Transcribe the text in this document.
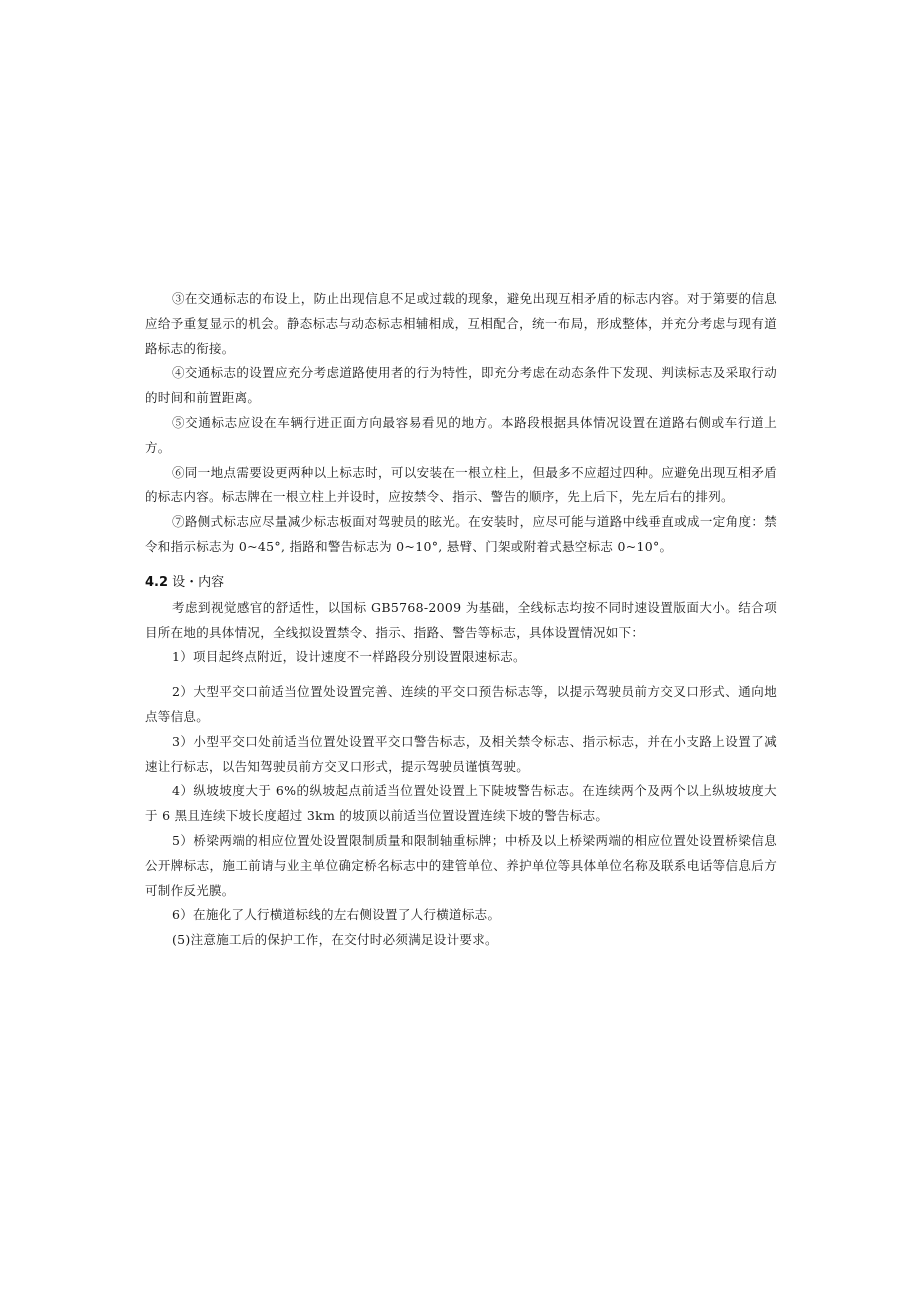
③在交通标志的布设上，防止出现信息不足或过载的现象，避免出现互相矛盾的标志内容。对于第要的信息应给予重复显示的机会。静态标志与动态标志相辅相成，互相配合，统一布局，形成整体，并充分考虑与现有道路标志的衔接。

④交通标志的设置应充分考虑道路使用者的行为特性，即充分考虑在动态条件下发现、判读标志及采取行动的时间和前置距离。

⑤交通标志应设在车辆行进正面方向最容易看见的地方。本路段根据具体情况设置在道路右侧或车行道上方。

⑥同一地点需要设更两种以上标志时，可以安装在一根立柱上，但最多不应超过四种。应避免出现互相矛盾的标志内容。标志牌在一根立柱上并设时，应按禁令、指示、警告的顺序，先上后下，先左后右的排列。

⑦路侧式标志应尽量减少标志板面对驾驶员的眩光。在安装时，应尽可能与道路中线垂直或成一定角度：禁令和指示标志为 0~45°, 指路和警告标志为 0~10°, 悬臂、门架或附着式悬空标志 0~10°。

4.2 设・内容

考虑到视觉感官的舒适性，以国标 GB5768-2009 为基础，全线标志均按不同时速设置版面大小。结合项目所在地的具体情况，全线拟设置禁令、指示、指路、警告等标志，具体设置情况如下：

1）项目起终点附近，设计速度不一样路段分别设置限速标志。

2）大型平交口前适当位置处设置完善、连续的平交口预告标志等，以提示驾驶员前方交叉口形式、通向地点等信息。

3）小型平交口处前适当位置处设置平交口警告标志，及相关禁令标志、指示标志，并在小支路上设置了减速让行标志，以告知驾驶员前方交叉口形式，提示驾驶员谨慎驾驶。

4）纵坡坡度大于 6%的纵坡起点前适当位置处设置上下陡坡警告标志。在连续两个及两个以上纵坡坡度大于 6 黑且连续下坡长度超过 3km 的坡顶以前适当位置设置连续下坡的警告标志。

5）桥梁两端的相应位置处设置限制质量和限制轴重标牌；中桥及以上桥梁两端的相应位置处设置桥梁信息公开牌标志，施工前请与业主单位确定桥名标志中的建管单位、养护单位等具体单位名称及联系电话等信息后方可制作反光膜。

6）在施化了人行横道标线的左右侧设置了人行横道标志。

(5)注意施工后的保护工作，在交付时必须满足设计要求。
